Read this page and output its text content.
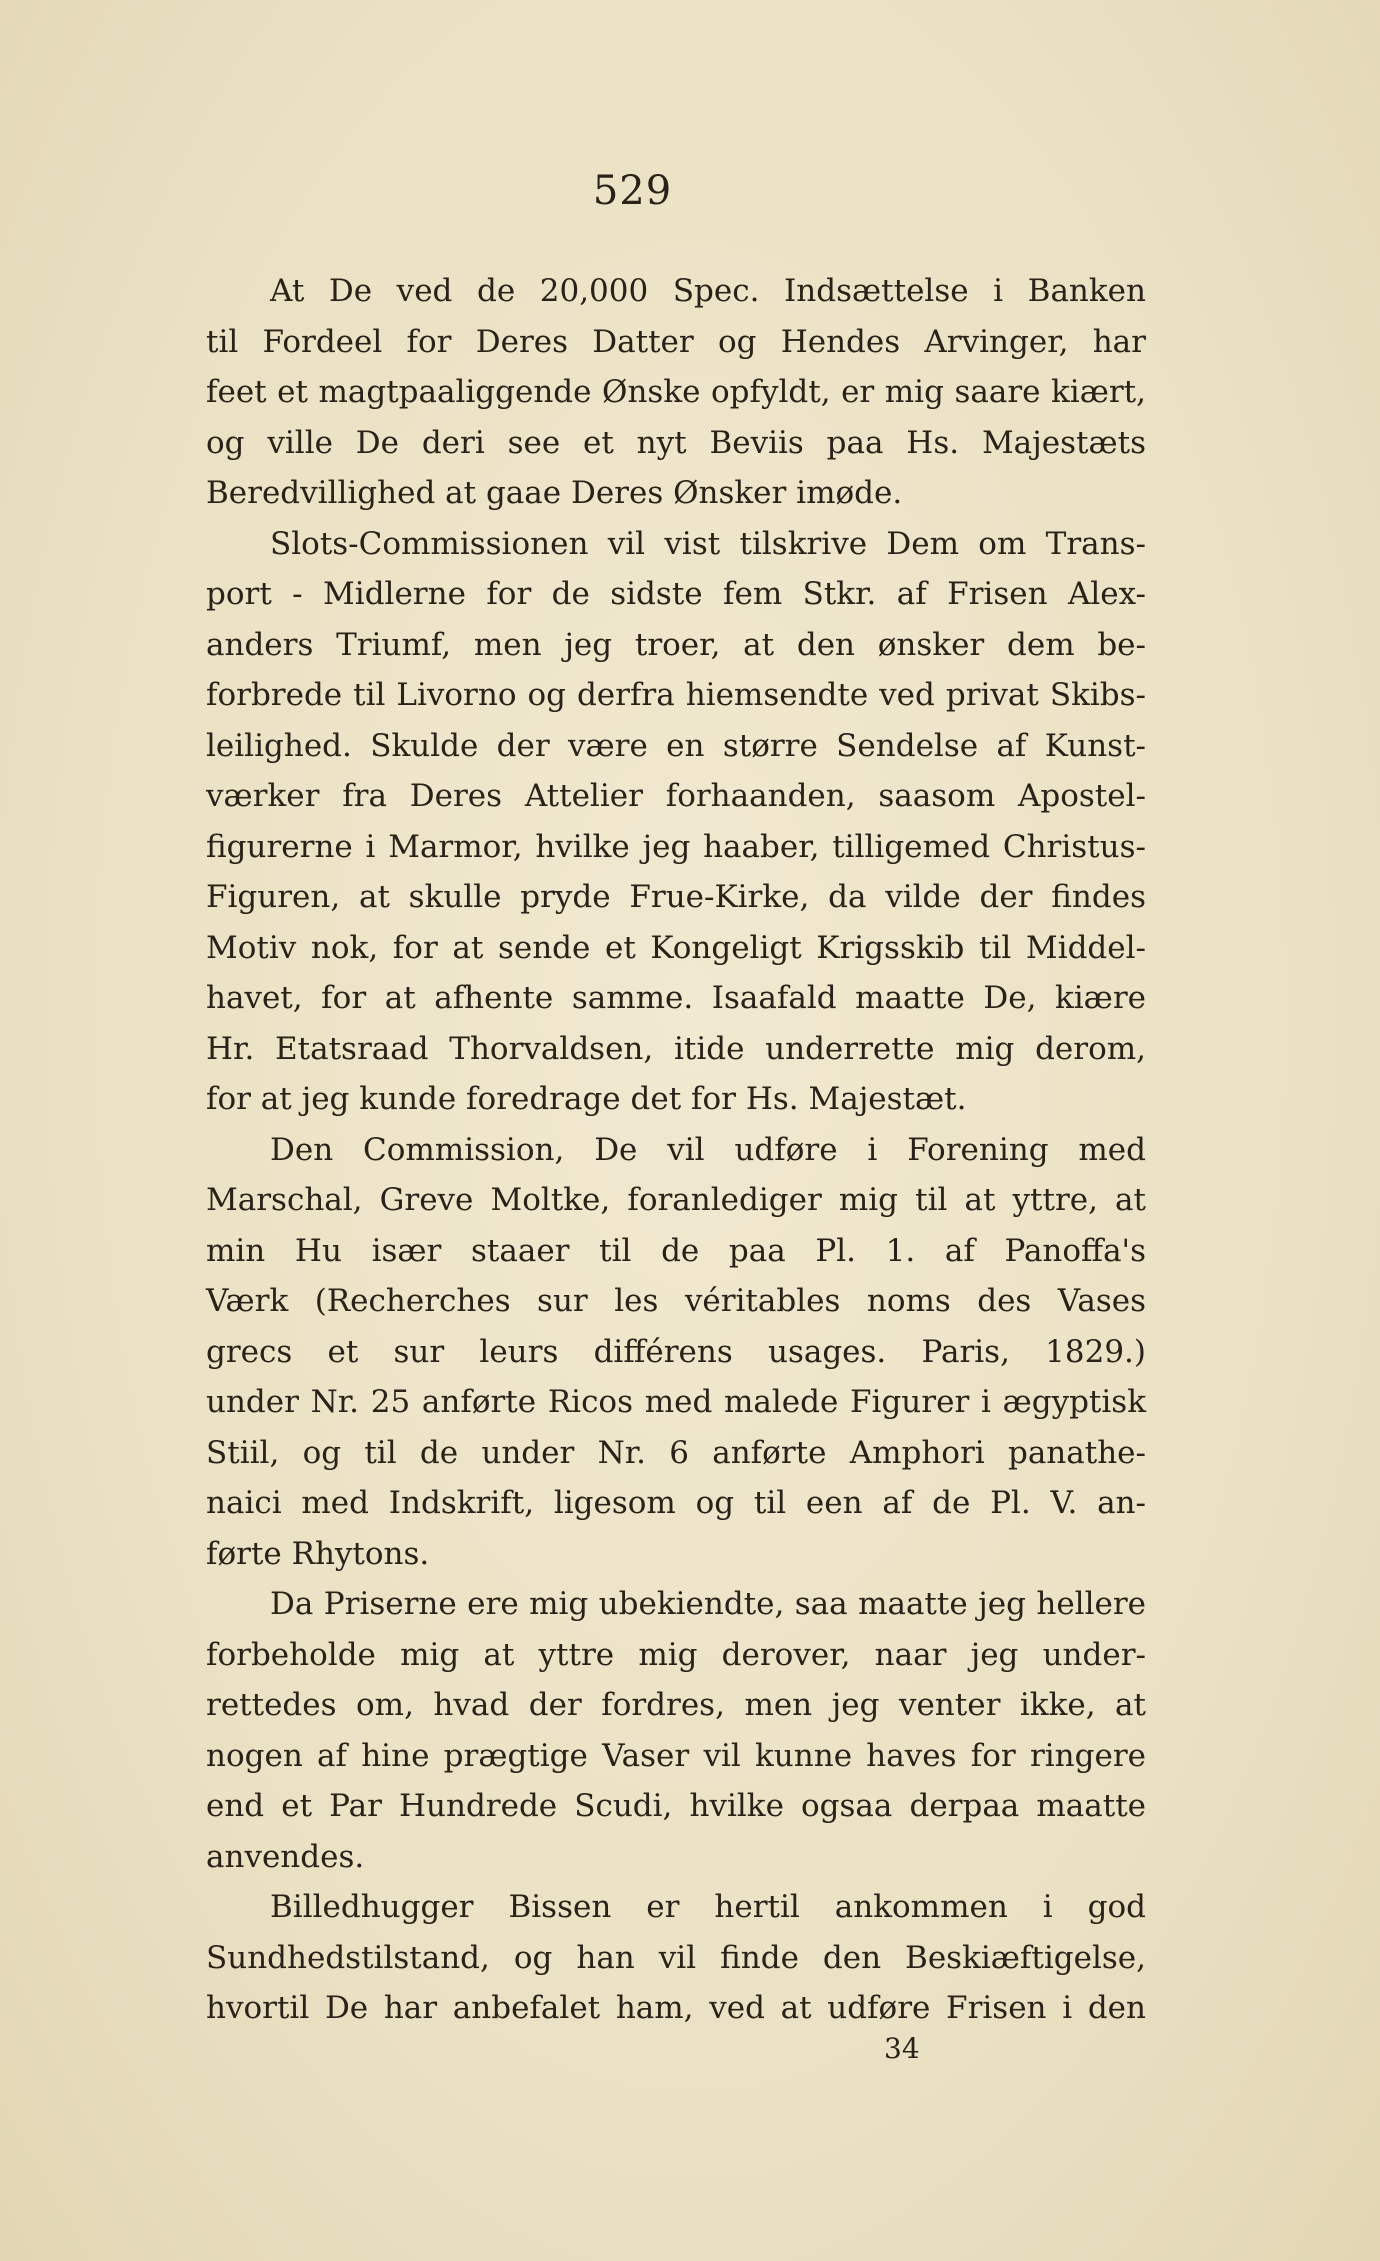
529
At De ved de 20,000 Spec. Indsættelse i Banken
til Fordeel for Deres Datter og Hendes Arvinger, har
feet et magtpaaliggende Ønske opfyldt, er mig saare kiært,
og ville De deri see et nyt Beviis paa Hs. Majestæts
Beredvillighed at gaae Deres Ønsker imøde.
Slots-Commissionen vil vist tilskrive Dem om Trans-
port - Midlerne for de sidste fem Stkr. af Frisen Alex-
anders Triumf, men jeg troer, at den ønsker dem be-
forbrede til Livorno og derfra hiemsendte ved privat Skibs-
leilighed. Skulde der være en større Sendelse af Kunst-
værker fra Deres Attelier forhaanden, saasom Apostel-
figurerne i Marmor, hvilke jeg haaber, tilligemed Christus-
Figuren, at skulle pryde Frue-Kirke, da vilde der findes
Motiv nok, for at sende et Kongeligt Krigsskib til Middel-
havet, for at afhente samme. Isaafald maatte De, kiære
Hr. Etatsraad Thorvaldsen, itide underrette mig derom,
for at jeg kunde foredrage det for Hs. Majestæt.
Den Commission, De vil udføre i Forening med
Marschal, Greve Moltke, foranlediger mig til at yttre, at
min Hu især staaer til de paa Pl. 1. af Panoffa's
Værk (Recherches sur les véritables noms des Vases
grecs et sur leurs différens usages. Paris, 1829.)
under Nr. 25 anførte Ricos med malede Figurer i ægyptisk
Stiil, og til de under Nr. 6 anførte Amphori panathe-
naici med Indskrift, ligesom og til een af de Pl. V. an-
førte Rhytons.
Da Priserne ere mig ubekiendte, saa maatte jeg hellere
forbeholde mig at yttre mig derover, naar jeg under-
rettedes om, hvad der fordres, men jeg venter ikke, at
nogen af hine prægtige Vaser vil kunne haves for ringere
end et Par Hundrede Scudi, hvilke ogsaa derpaa maatte
anvendes.
Billedhugger Bissen er hertil ankommen i god
Sundhedstilstand, og han vil finde den Beskiæftigelse,
hvortil De har anbefalet ham, ved at udføre Frisen i den
34
